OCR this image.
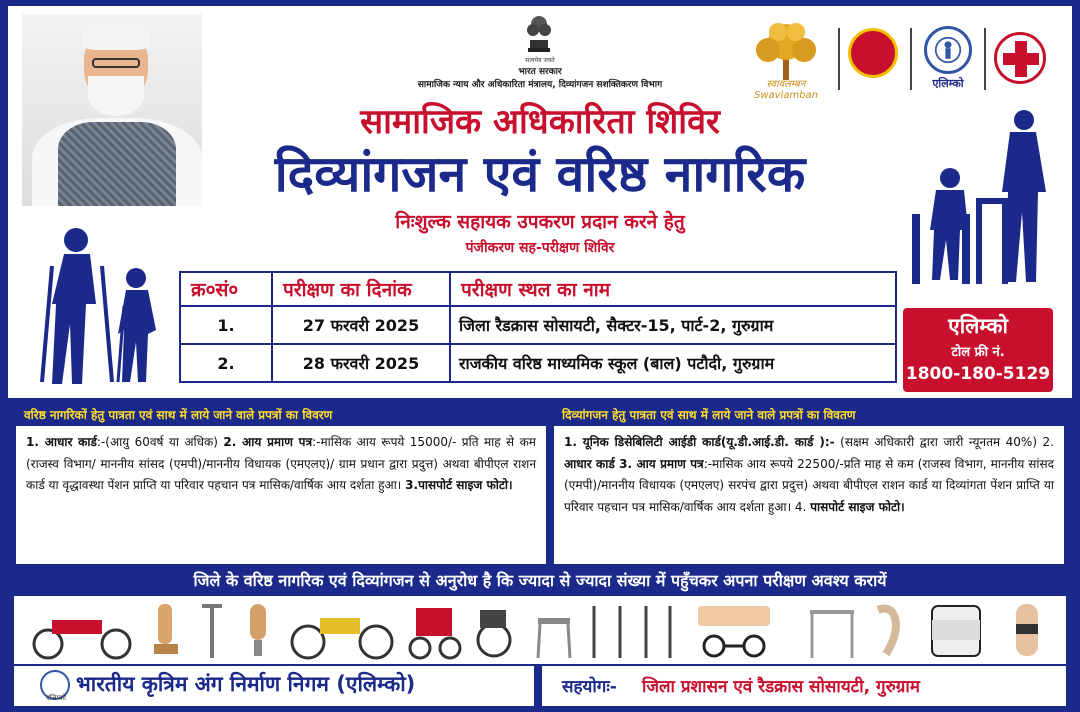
सत्यमेव जयते
भारत सरकार
सामाजिक न्याय और अधिकारिता मंत्रालय, दिव्यांगजन सशक्तिकरण विभाग
सामाजिक अधिकारिता शिविर
दिव्यांगजन एवं वरिष्ठ नागरिक
निःशुल्क सहायक उपकरण प्रदान करने हेतु
पंजीकरण सह-परीक्षण शिविर
स्वावलम्बन Swavlamban
एलिम्को
क्र०सं०	परीक्षण का दिनांक	परीक्षण स्थल का नाम
1.	27 फरवरी 2025	जिला रैडक्रास सोसायटी, सैक्टर-15, पार्ट-2, गुरुग्राम
2.	28 फरवरी 2025	राजकीय वरिष्ठ माध्यमिक स्कूल (बाल) पटौदी, गुरुग्राम
एलिम्को
टोल फ्री नं.
1800-180-5129
वरिष्ठ नागरिकों हेतु पात्रता एवं साथ में लाये जाने वाले प्रपत्रों का विवरण
1. आधार कार्ड:-(आयु 60वर्ष या अधिक) 2. आय प्रमाण पत्र:-मासिक आय रूपये 15000/- प्रति माह से कम (राजस्व विभाग/ माननीय सांसद (एमपी)/माननीय विधायक (एमएलए)/ ग्राम प्रधान द्वारा प्रदुत्त) अथवा बीपीएल राशन कार्ड या वृद्धावस्था पेंशन प्राप्ति या परिवार पहचान पत्र मासिक/वार्षिक आय दर्शता हुआ। 3.पासपोर्ट साइज फोटो।
दिव्यांगजन हेतु पात्रता एवं साथ में लाये जाने वाले प्रपत्रों का विवतण
1. यूनिक डिसेबिलिटी आईडी कार्ड(यू.डी.आई.डी. कार्ड ):- (सक्षम अधिकारी द्वारा जारी न्यूनतम 40%) 2. आधार कार्ड 3. आय प्रमाण पत्र:-मासिक आय रूपये 22500/-प्रति माह से कम (राजस्व विभाग, माननीय सांसद (एमपी)/माननीय विधायक (एमएलए) सरपंच द्वारा प्रदुत्त) अथवा बीपीएल राशन कार्ड या दिव्यांगता पेंशन प्राप्ति या परिवार पहचान पत्र मासिक/वार्षिक आय दर्शता हुआ। 4. पासपोर्ट साइज फोटो।
जिले के वरिष्ठ नागरिक एवं दिव्यांगजन से अनुरोध है कि ज्यादा से ज्यादा संख्या में पहुँचकर अपना परीक्षण अवश्य करायें
एलिम्को
भारतीय कृत्रिम अंग निर्माण निगम (एलिम्को)	सहयोगः- जिला प्रशासन एवं रैडक्रास सोसायटी, गुरुग्राम
